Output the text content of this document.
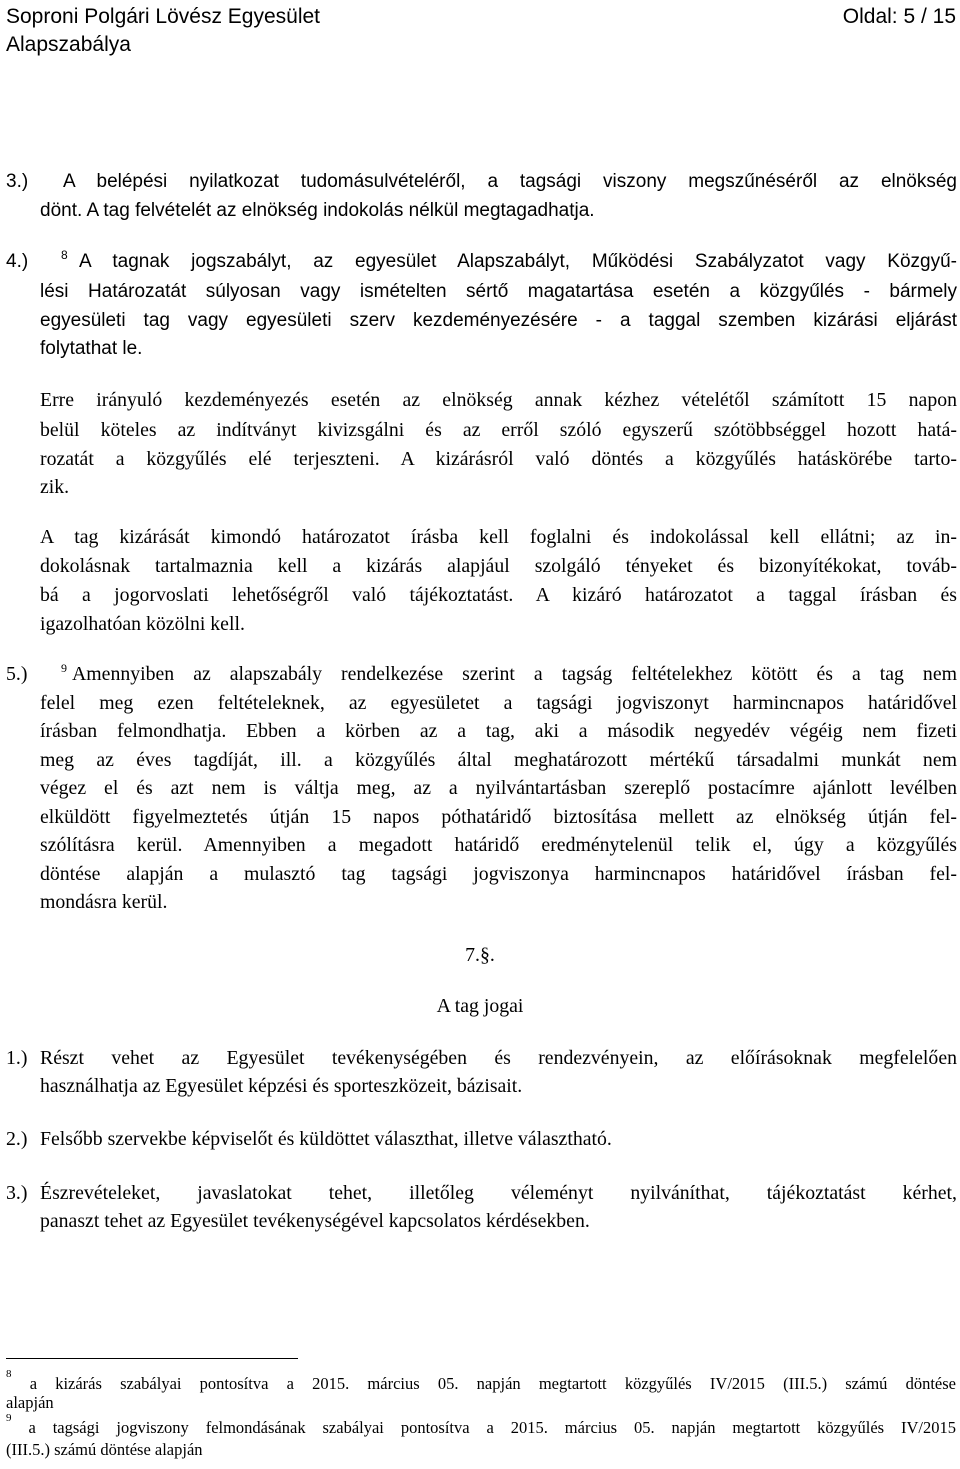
Soproni Polgári Lövész Egyesület	Oldal: 5 / 15
Alapszabálya
3.) A belépési nyilatkozat tudomásulvételéről, a tagsági viszony megszűnéséről az elnökség
dönt. A tag felvételét az elnökség indokolás nélkül megtagadhatja.
4.)	$^8$ A tagnak jogszabályt, az egyesület Alapszabályt, Működési Szabályzatot vagy Közgyű-
lési Határozatát súlyosan vagy ismételten sértő magatartása esetén a közgyűlés - bármely
egyesületi tag vagy egyesületi szerv kezdeményezésére - a taggal szemben kizárási eljárást
folytathat le.
Erre irányuló kezdeményezés esetén az elnökség annak kézhez vételétől számított 15 napon
belül köteles az indítványt kivizsgálni és az erről szóló egyszerű szótöbbséggel hozott hatá-
rozatát a közgyűlés elé terjeszteni. A kizárásról való döntés a közgyűlés hatáskörébe tarto-
zik.
A tag kizárását kimondó határozatot írásba kell foglalni és indokolással kell ellátni; az in-
dokolásnak tartalmaznia kell a kizárás alapjául szolgáló tényeket és bizonyítékokat, továb-
bá a jogorvoslati lehetőségről való tájékoztatást. A kizáró határozatot a taggal írásban és
igazolhatóan közölni kell.
5.)	$^9$ Amennyiben az alapszabály rendelkezése szerint a tagság feltételekhez kötött és a tag nem
felel meg ezen feltételeknek, az egyesületet a tagsági jogviszonyt harmincnapos határidővel
írásban felmondhatja. Ebben a körben az a tag, aki a második negyedév végéig nem fizeti
meg az éves tagdíját, ill. a közgyűlés által meghatározott mértékű társadalmi munkát nem
végez el és azt nem is váltja meg, az a nyilvántartásban szereplő postacímre ajánlott levélben
elküldött figyelmeztetés útján 15 napos póthatáridő biztosítása mellett az elnökség útján fel-
szólításra kerül. Amennyiben a megadott határidő eredménytelenül telik el, úgy a közgyűlés
döntése alapján a mulasztó tag tagsági jogviszonya harmincnapos határidővel írásban fel-
mondásra kerül.
7.§.
A tag jogai
1.) Részt vehet az Egyesület tevékenységében és rendezvényein, az előírásoknak megfelelően
használhatja az Egyesület képzési és sporteszközeit, bázisait.
2.) Felsőbb szervekbe képviselőt és küldöttet választhat, illetve választható.
3.) Észrevételeket, javaslatokat tehet, illetőleg véleményt nyilváníthat, tájékoztatást kérhet,
panaszt tehet az Egyesület tevékenységével kapcsolatos kérdésekben.
$^8$ a kizárás szabályai pontosítva a 2015. március 05. napján megtartott közgyűlés IV/2015 (III.5.) számú döntése
alapján
$^9$ a tagsági jogviszony felmondásának szabályai pontosítva a 2015. március 05. napján megtartott közgyűlés IV/2015
(III.5.) számú döntése alapján
